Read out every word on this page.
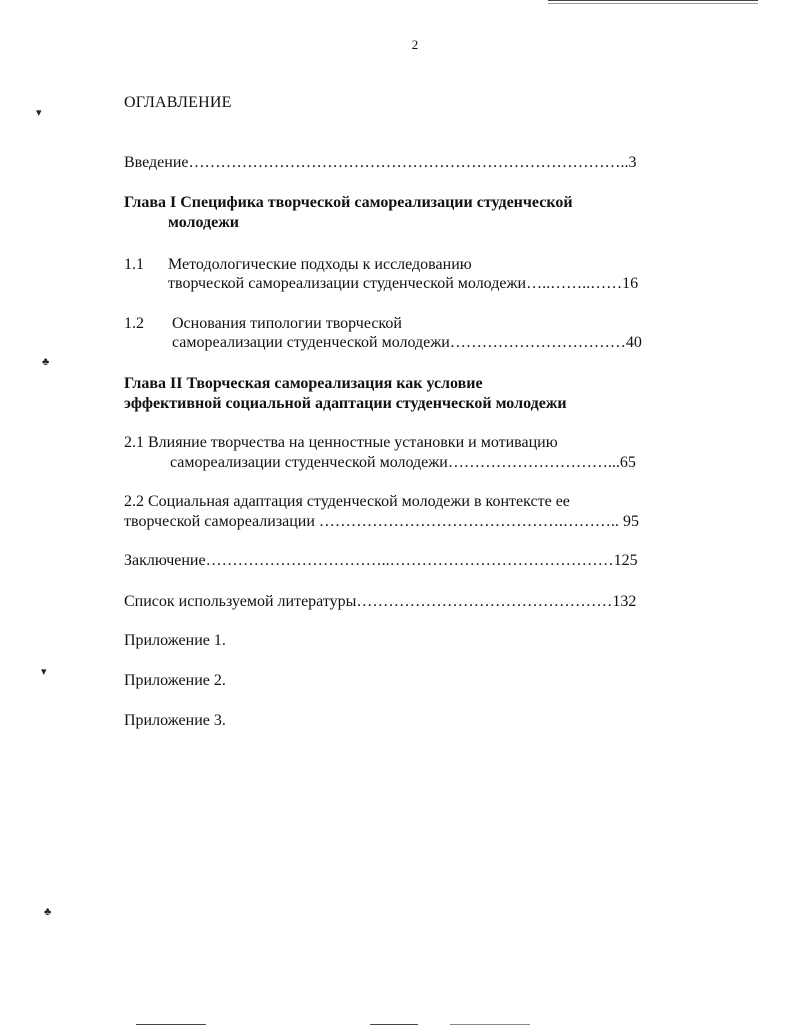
2
ОГЛАВЛЕНИЕ
Введение………………………………………………………………………..3
Глава I Специфика творческой самореализации студенческой
молодежи
1.1 Методологические подходы к исследованию
творческой самореализации студенческой молодежи…..……..……16
1.2 Основания типологии творческой
самореализации студенческой молодежи……………………………40
Глава II Творческая самореализация как условие
эффективной социальной адаптации студенческой молодежи
2.1 Влияние творчества на ценностные установки и мотивацию
самореализации студенческой молодежи…………………………...65
2.2 Социальная адаптация студенческой молодежи в контексте ее
творческой самореализации ……………………………………….……….. 95
Заключение……………………………..……………………………………125
Список используемой литературы…………………………………………132
Приложение 1.
Приложение 2.
Приложение 3.
▾
♣
▾
♣
